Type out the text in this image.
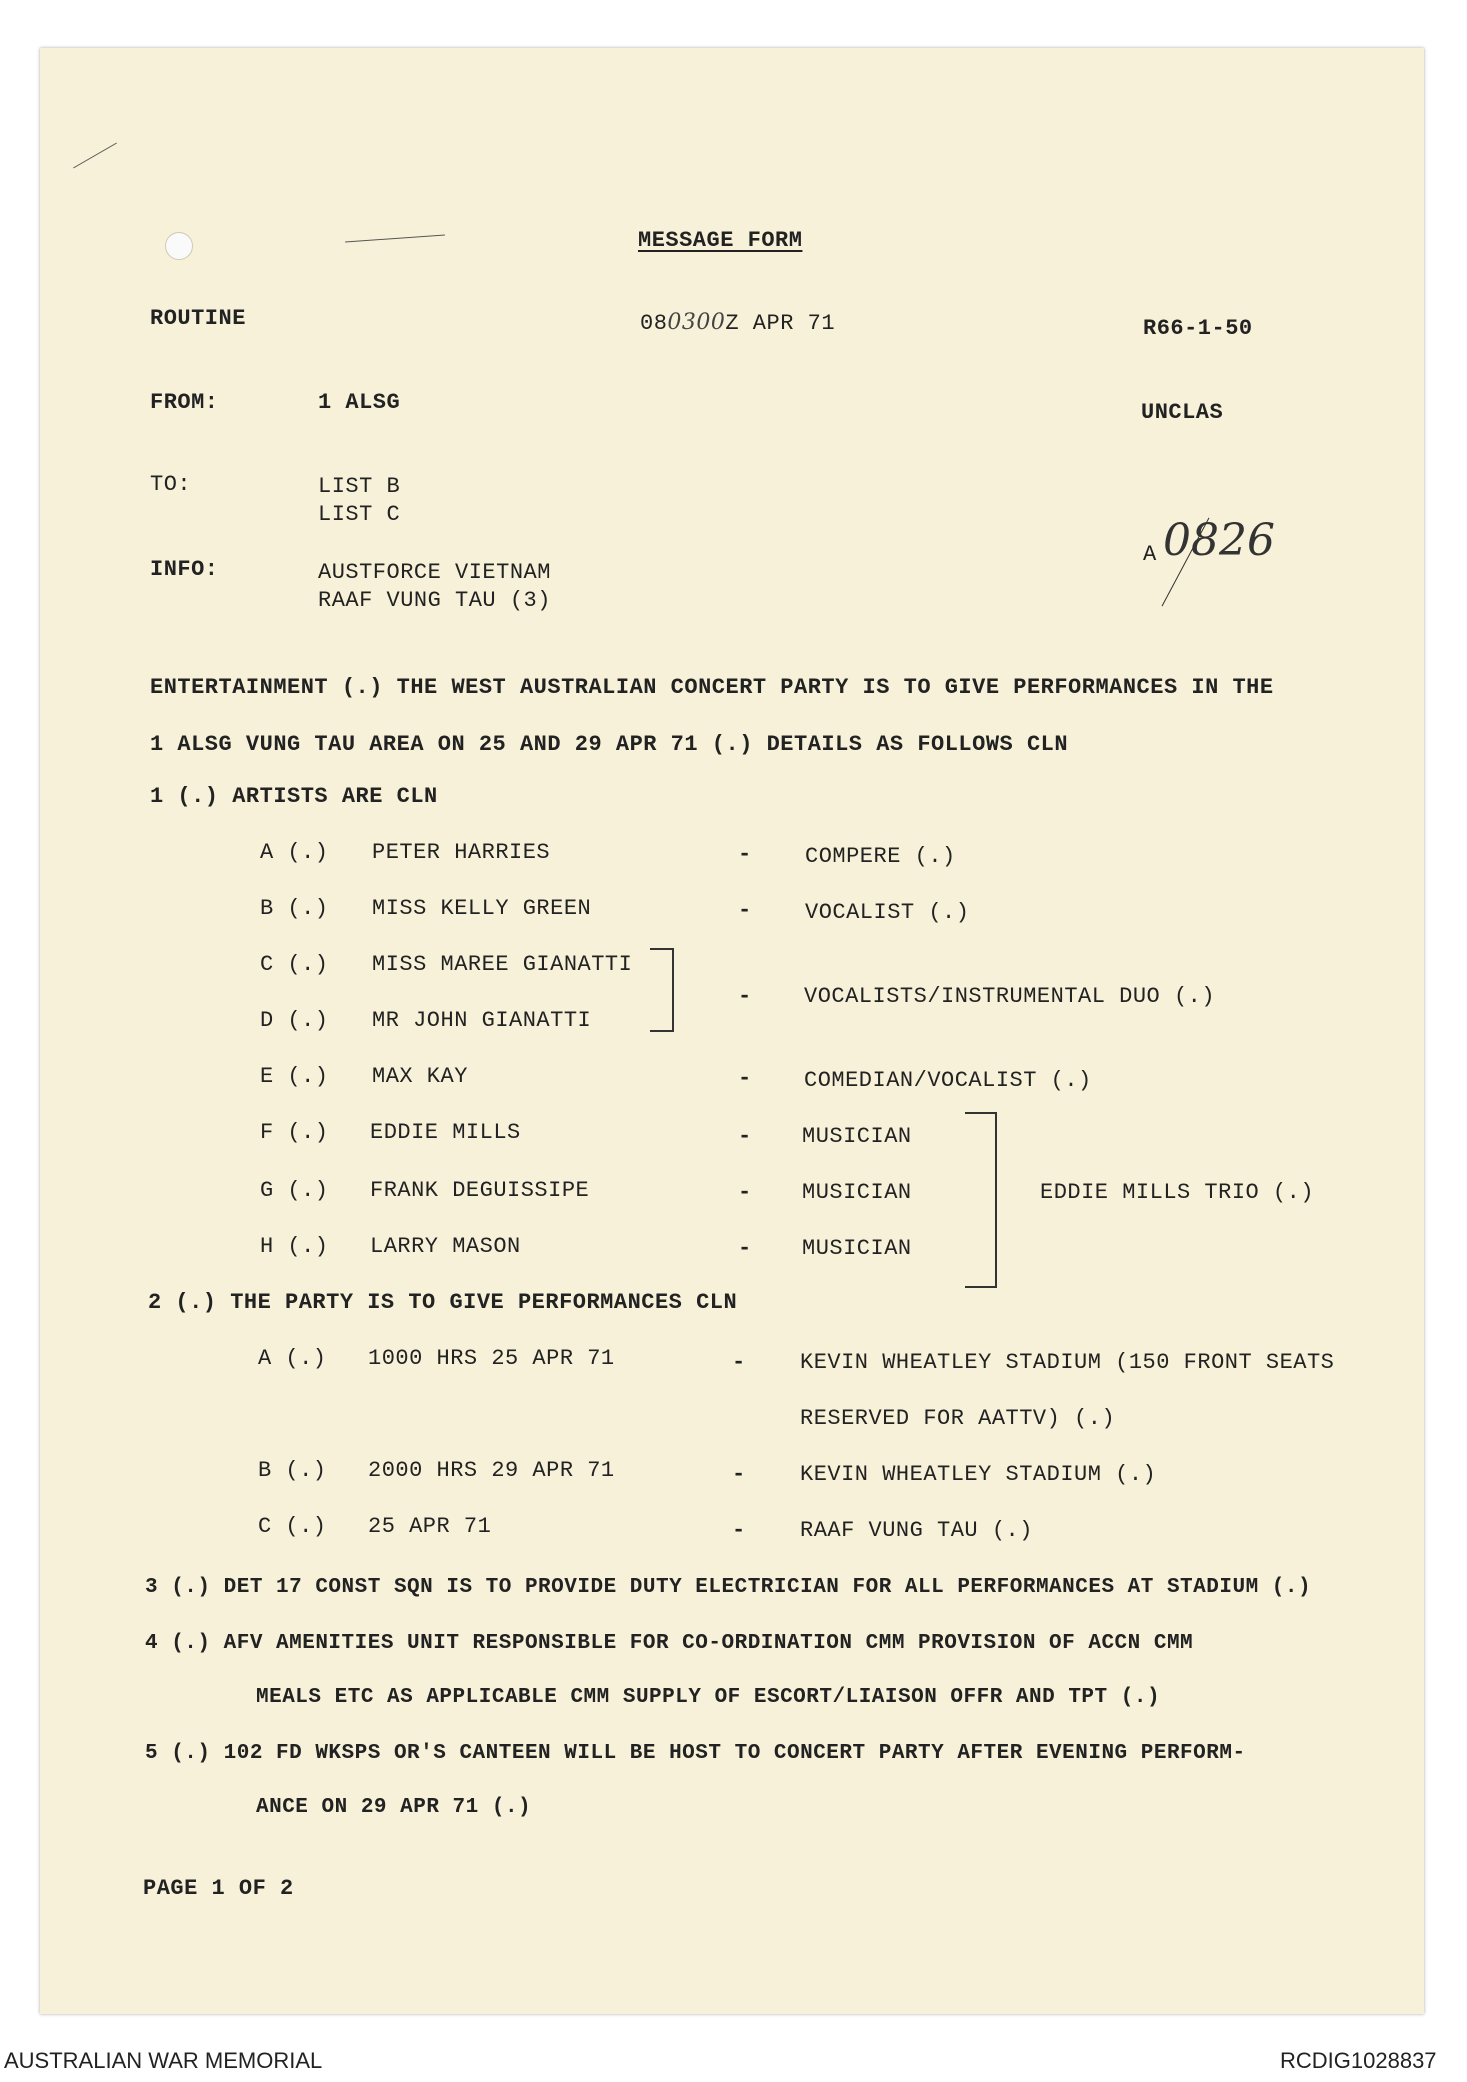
MESSAGE FORM
ROUTINE	080300Z APR 71	R66-1-50
FROM:	1 ALSG	UNCLAS
TO:	LIST B
LIST C
INFO:	AUSTFORCE VIETNAM
RAAF VUNG TAU (3)
A 0826
ENTERTAINMENT (.) THE WEST AUSTRALIAN CONCERT PARTY IS TO GIVE PERFORMANCES IN THE
1 ALSG VUNG TAU AREA ON 25 AND 29 APR 71 (.) DETAILS AS FOLLOWS CLN
1 (.) ARTISTS ARE CLN
A (.) PETER HARRIES	- COMPERE (.)
B (.) MISS KELLY GREEN	- VOCALIST (.)
C (.) MISS MAREE GIANATTI
D (.) MR JOHN GIANATTI
- VOCALISTS/INSTRUMENTAL DUO (.)
E (.) MAX KAY	- COMEDIAN/VOCALIST (.)
F (.) EDDIE MILLS	- MUSICIAN
G (.) FRANK DEGUISSIPE	- MUSICIAN
H (.) LARRY MASON	- MUSICIAN
EDDIE MILLS TRIO (.)
2 (.) THE PARTY IS TO GIVE PERFORMANCES CLN
A (.) 1000 HRS 25 APR 71	- KEVIN WHEATLEY STADIUM (150 FRONT SEATS
RESERVED FOR AATTV) (.)
B (.) 2000 HRS 29 APR 71	- KEVIN WHEATLEY STADIUM (.)
C (.) 25 APR 71	- RAAF VUNG TAU (.)
3 (.) DET 17 CONST SQN IS TO PROVIDE DUTY ELECTRICIAN FOR ALL PERFORMANCES AT STADIUM (.)
4 (.) AFV AMENITIES UNIT RESPONSIBLE FOR CO-ORDINATION CMM PROVISION OF ACCN CMM
MEALS ETC AS APPLICABLE CMM SUPPLY OF ESCORT/LIAISON OFFR AND TPT (.)
5 (.) 102 FD WKSPS OR'S CANTEEN WILL BE HOST TO CONCERT PARTY AFTER EVENING PERFORM-
ANCE ON 29 APR 71 (.)
PAGE 1 OF 2
AUSTRALIAN WAR MEMORIAL	RCDIG1028837
